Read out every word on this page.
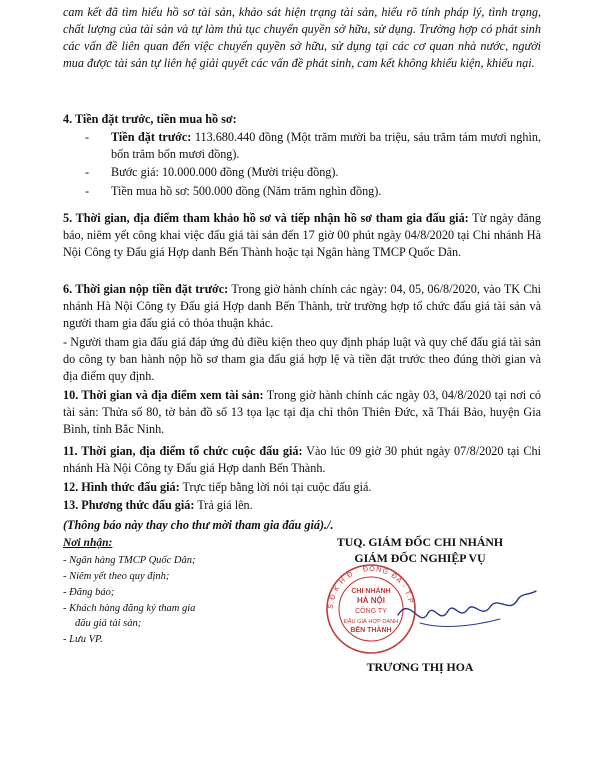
cam kết đã tìm hiểu hồ sơ tài sản, khảo sát hiện trạng tài sản, hiểu rõ tính pháp lý, tình trạng, chất lượng của tài sản và tự làm thủ tục chuyển quyền sở hữu, sử dụng. Trường hợp có phát sinh các vấn đề liên quan đến việc chuyển quyền sở hữu, sử dụng tại các cơ quan nhà nước, người mua được tài sản tự liên hệ giải quyết các vấn đề phát sinh, cam kết không khiếu kiện, khiếu nại.
4. Tiền đặt trước, tiền mua hồ sơ:
- Tiền đặt trước: 113.680.440 đồng (Một trăm mười ba triệu, sáu trăm tám mươi nghìn, bốn trăm bốn mươi đồng).
- Bước giá: 10.000.000 đồng (Mười triệu đồng).
- Tiền mua hồ sơ: 500.000 đồng (Năm trăm nghìn đồng).
5. Thời gian, địa điểm tham khảo hồ sơ và tiếp nhận hồ sơ tham gia đấu giá: Từ ngày đăng báo, niêm yết công khai việc đấu giá tài sản đến 17 giờ 00 phút ngày 04/8/2020 tại Chi nhánh Hà Nội Công ty Đấu giá Hợp danh Bến Thành hoặc tại Ngân hàng TMCP Quốc Dân.
6. Thời gian nộp tiền đặt trước: Trong giờ hành chính các ngày: 04, 05, 06/8/2020, vào TK Chi nhánh Hà Nội Công ty Đấu giá Hợp danh Bến Thành, trừ trường hợp tổ chức đấu giá tài sản và người tham gia đấu giá có thỏa thuận khác.
- Người tham gia đấu giá đáp ứng đủ điều kiện theo quy định pháp luật và quy chế đấu giá tài sản do công ty ban hành nộp hồ sơ tham gia đấu giá hợp lệ và tiền đặt trước theo đúng thời gian và địa điểm quy định.
10. Thời gian và địa điểm xem tài sản: Trong giờ hành chính các ngày 03, 04/8/2020 tại nơi có tài sản: Thửa số 80, tờ bản đồ số 13 tọa lạc tại địa chỉ thôn Thiên Đức, xã Thái Bảo, huyện Gia Bình, tỉnh Bắc Ninh.
11. Thời gian, địa điểm tổ chức cuộc đấu giá: Vào lúc 09 giờ 30 phút ngày 07/8/2020 tại Chi nhánh Hà Nội Công ty Đấu giá Hợp danh Bến Thành.
12. Hình thức đấu giá: Trực tiếp bằng lời nói tại cuộc đấu giá.
13. Phương thức đấu giá: Trả giá lên.
(Thông báo này thay cho thư mời tham gia đấu giá)./.
Nơi nhận:
- Ngân hàng TMCP Quốc Dân;
- Niêm yết theo quy định;
- Đăng báo;
- Khách hàng đăng ký tham gia
đấu giá tài sản;
- Lưu VP.
TUQ. GIÁM ĐỐC CHI NHÁNH
GIÁM ĐỐC NGHIỆP VỤ
S.Đ.K.H.Đ · ĐỐNG ĐA - T.P
CHI NHÁNH
HÀ NỘI
CÔNG TY
ĐẤU GIÁ HỢP DANH
BẾN THÀNH
TRƯƠNG THỊ HOA
